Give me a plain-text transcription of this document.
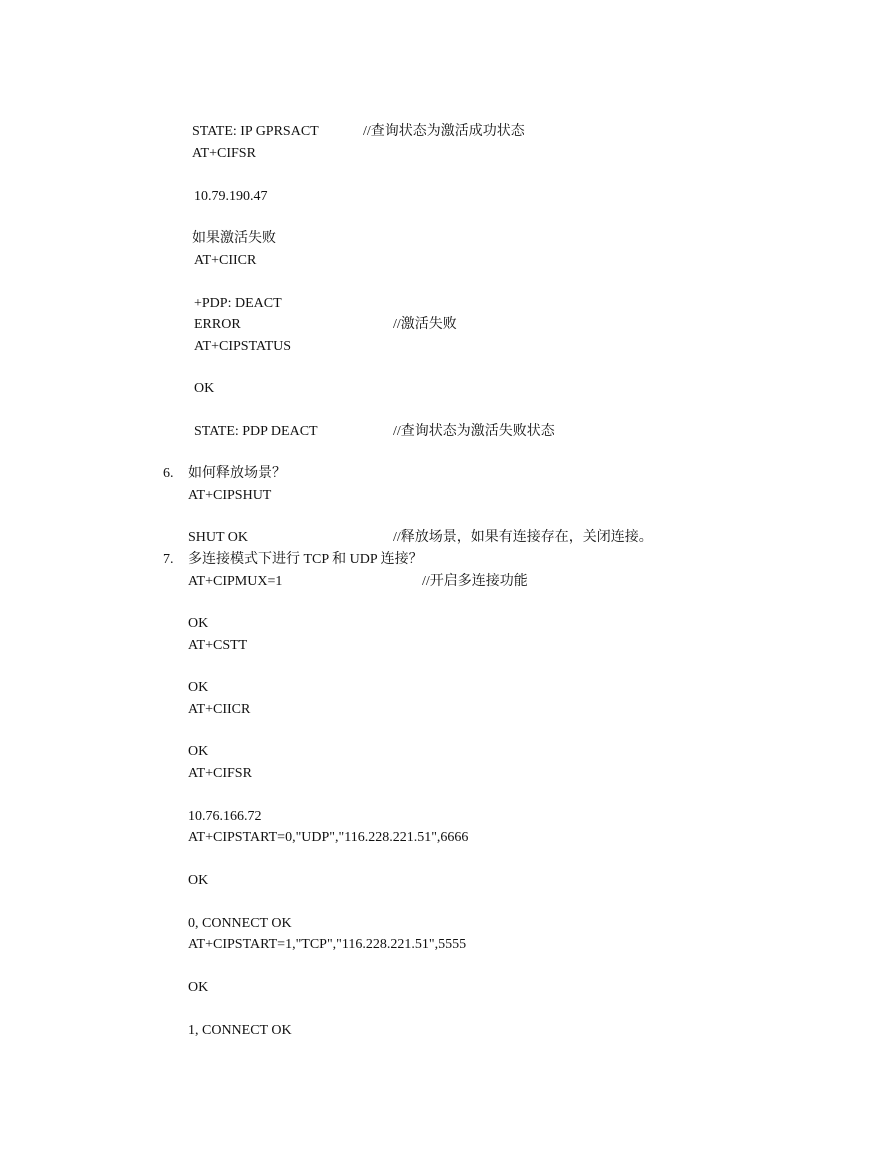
STATE: IP GPRSACT	//查询状态为激活成功状态
AT+CIFSR
10.79.190.47
如果激活失败
AT+CIICR
+PDP: DEACT
ERROR	//激活失败
AT+CIPSTATUS
OK
STATE: PDP DEACT	//查询状态为激活失败状态
6. 如何释放场景？
AT+CIPSHUT
SHUT OK	//释放场景，如果有连接存在，关闭连接。
7. 多连接模式下进行 TCP 和 UDP 连接？
AT+CIPMUX=1	//开启多连接功能
OK
AT+CSTT
OK
AT+CIICR
OK
AT+CIFSR
10.76.166.72
AT+CIPSTART=0,"UDP","116.228.221.51",6666
OK
0, CONNECT OK
AT+CIPSTART=1,"TCP","116.228.221.51",5555
OK
1, CONNECT OK
